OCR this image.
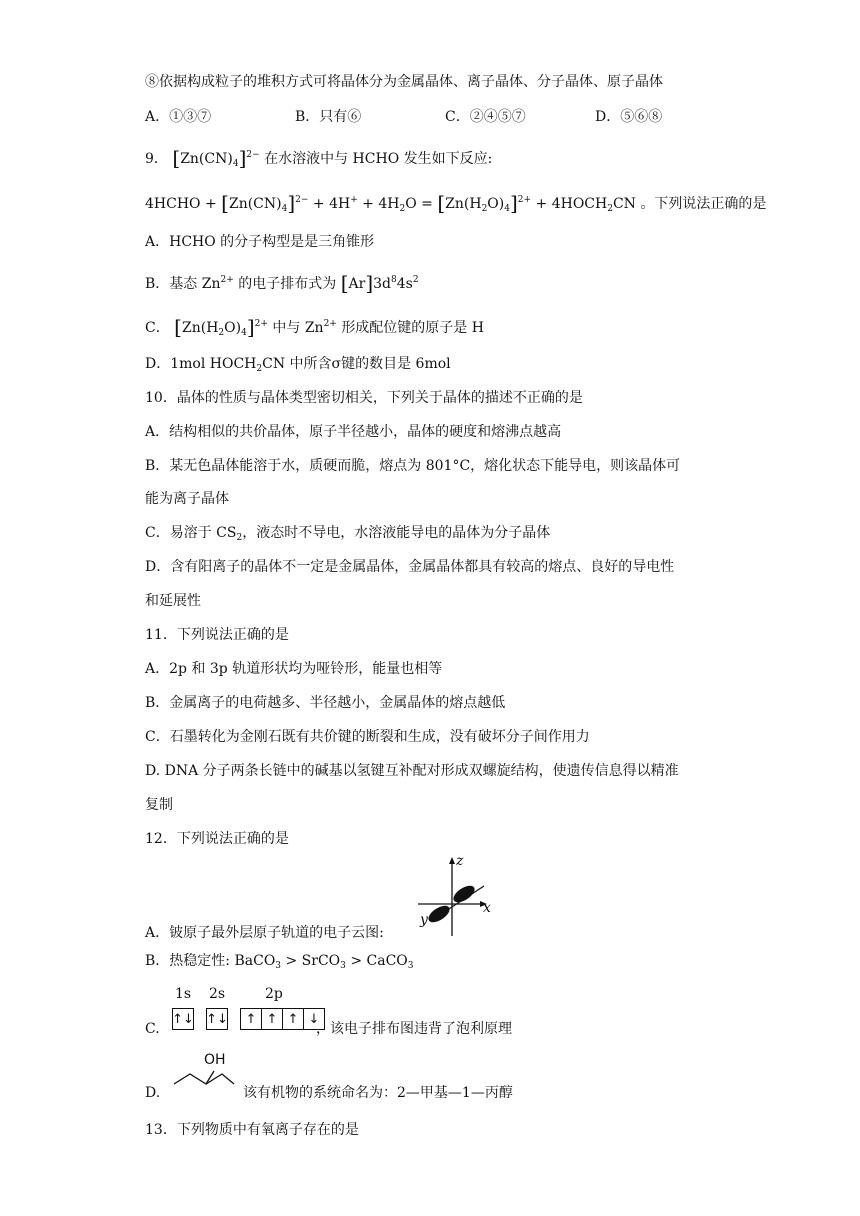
⑧依据构成粒子的堆积方式可将晶体分为金属晶体、离子晶体、分子晶体、原子晶体
A．①③⑦	B．只有⑥	C．②④⑤⑦	D．⑤⑥⑧
9． $[Zn(CN)_4]^{2-}$ 在水溶液中与 HCHO 发生如下反应:
4HCHO + $[Zn(CN)_4]^{2-} + 4H^+ + 4H_2O = [Zn(H_2O)_4]^{2+}$ + $4HOCH_2CN$ 。下列说法正确的是
A．HCHO 的分子构型是是三角锥形
B．基态 $Zn^{2+}$ 的电子排布式为 $[Ar]3d^84s^2$
C． $[Zn(H_2O)_4]^{2+}$ 中与 $Zn^{2+}$ 形成配位键的原子是 H
D．1mol $HOCH_2CN$ 中所含σ键的数目是 6mol
10．晶体的性质与晶体类型密切相关，下列关于晶体的描述不正确的是
A．结构相似的共价晶体，原子半径越小，晶体的硬度和熔沸点越高
B．某无色晶体能溶于水，质硬而脆，熔点为 801°C，熔化状态下能导电，则该晶体可
能为离子晶体
C．易溶于 $CS_2$，液态时不导电，水溶液能导电的晶体为分子晶体
D．含有阳离子的晶体不一定是金属晶体，金属晶体都具有较高的熔点、良好的导电性
和延展性
11．下列说法正确的是
A．2p 和 3p 轨道形状均为哑铃形，能量也相等
B．金属离子的电荷越多、半径越小，金属晶体的熔点越低
C．石墨转化为金刚石既有共价键的断裂和生成，没有破坏分子间作用力
D. DNA 分子两条长链中的碱基以氢键互补配对形成双螺旋结构，使遗传信息得以精准
复制
12．下列说法正确的是
z
x
y
A．铍原子最外层原子轨道的电子云图:
B．热稳定性: BaCO$_3$ > SrCO$_3$ > CaCO$_3$
1s 2s	2p
↑↓ ↑↓	↑ ↑ ↑ ↓
C.	，该电子排布图违背了泡利原理
OH
D.	该有机物的系统命名为：2—甲基—1—丙醇
13．下列物质中有氧离子存在的是
